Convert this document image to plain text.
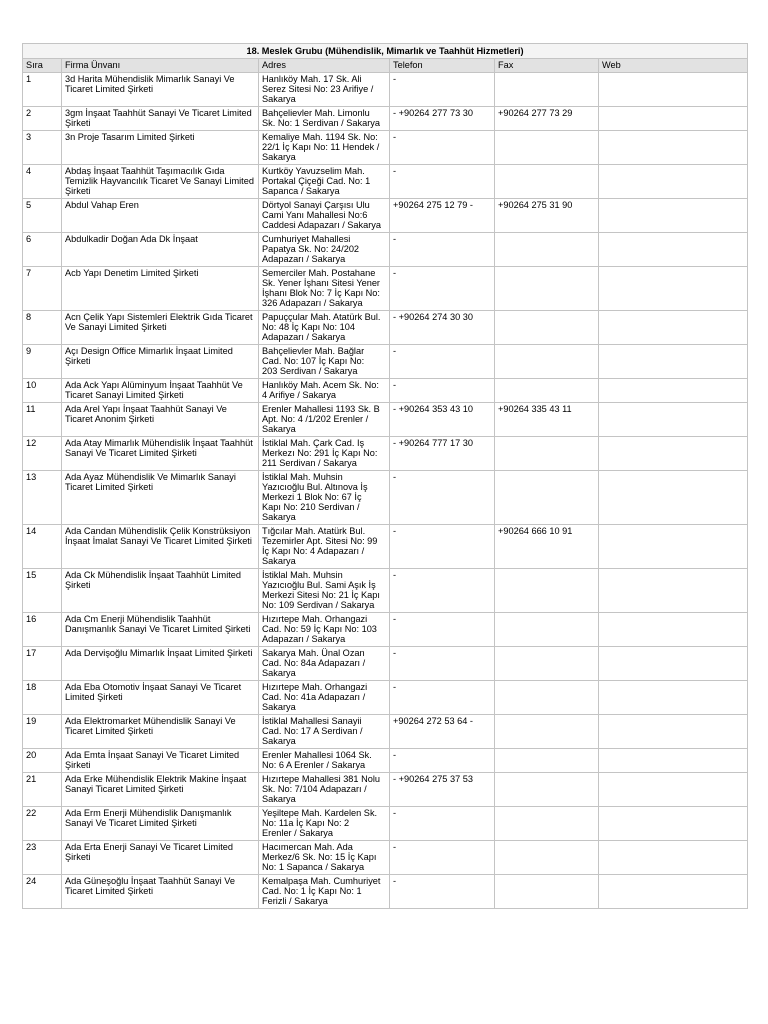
18. Meslek Grubu (Mühendislik, Mimarlık ve Taahhüt Hizmetleri)					
Sıra	Firma Ünvanı	Adres	Telefon	Fax	Web
1	3d Harita Mühendislik Mimarlık Sanayi Ve Ticaret Limited Şirketi	Hanlıköy Mah. 17 Sk. Ali Serez Sitesi No: 23 Arifiye / Sakarya	-		
2	3gm İnşaat Taahhüt Sanayi Ve Ticaret Limited Şirketi	Bahçelievler Mah. Limonlu Sk. No: 1 Serdivan / Sakarya	- +90264 277 73 30	+90264 277 73 29	
3	3n Proje Tasarım Limited Şirketi	Kemaliye Mah. 1194 Sk. No: 22/1 İç Kapı No: 11 Hendek / Sakarya	-		
4	Abdaş İnşaat Taahhüt Taşımacılık Gıda Temizlik Hayvancılık Ticaret Ve Sanayi Limited Şirketi	Kurtköy Yavuzselim Mah. Portakal Çiçeği Cad. No: 1 Sapanca / Sakarya	-		
5	Abdul Vahap Eren	Dörtyol Sanayi Çarşısı Ulu Cami Yanı Mahallesi No:6 Caddesi Adapazarı / Sakarya	+90264 275 12 79 -	+90264 275 31 90	
6	Abdulkadir Doğan Ada Dk İnşaat	Cumhuriyet Mahallesi Papatya Sk. No: 24/202 Adapazarı / Sakarya	-		
7	Acb Yapı Denetim Limited Şirketi	Semerciler Mah. Postahane Sk. Yener İşhanı Sitesi Yener İşhanı Blok No: 7 İç Kapı No: 326 Adapazarı / Sakarya	-		
8	Acn Çelik Yapı Sistemleri Elektrik Gıda Ticaret Ve Sanayi Limited Şirketi	Papuççular Mah. Atatürk Bul. No: 48 İç Kapı No: 104 Adapazarı / Sakarya	- +90264 274 30 30		
9	Açı Design Office Mimarlık İnşaat Limited Şirketi	Bahçelievler Mah. Bağlar Cad. No: 107 İç Kapı No: 203 Serdivan / Sakarya	-		
10	Ada Ack Yapı Alüminyum İnşaat Taahhüt Ve Ticaret Sanayi Limited Şirketi	Hanlıköy Mah. Acem Sk. No: 4 Arifiye / Sakarya	-		
11	Ada Arel Yapı İnşaat Taahhüt Sanayi Ve Ticaret Anonim Şirketi	Erenler Mahallesi 1193 Sk. B Apt. No: 4 /1/202 Erenler / Sakarya	- +90264 353 43 10	+90264 335 43 11	
12	Ada Atay Mimarlık Mühendislik İnşaat Taahhüt Sanayi Ve Ticaret Limited Şirketi	İstiklal Mah. Çark Cad. Iş Merkezı No: 291 İç Kapı No: 211 Serdivan / Sakarya	- +90264 777 17 30		
13	Ada Ayaz Mühendislik Ve Mimarlık Sanayi Ticaret Limited Şirketi	İstiklal Mah. Muhsin Yazıcıoğlu Bul. Altınova İş Merkezi 1 Blok No: 67 İç Kapı No: 210 Serdivan / Sakarya	-		
14	Ada Candan Mühendislik Çelik Konstrüksiyon İnşaat İmalat Sanayi Ve Ticaret Limited Şirketi	Tığcılar Mah. Atatürk Bul. Tezemirler Apt. Sitesi No: 99 İç Kapı No: 4 Adapazarı / Sakarya	-	+90264 666 10 91	
15	Ada Ck Mühendislik İnşaat Taahhüt Limited Şirketi	İstiklal Mah. Muhsin Yazıcıoğlu Bul. Sami Aşık İş Merkezi Sitesi No: 21 İç Kapı No: 109 Serdivan / Sakarya	-		
16	Ada Cm Enerji Mühendislik Taahhüt Danışmanlık Sanayi Ve Ticaret Limited Şirketi	Hızırtepe Mah. Orhangazi Cad. No: 59 İç Kapı No: 103 Adapazarı / Sakarya	-		
17	Ada Dervişoğlu Mimarlık İnşaat Limited Şirketi	Sakarya Mah. Ünal Ozan Cad. No: 84a Adapazarı / Sakarya	-		
18	Ada Eba Otomotiv İnşaat Sanayi Ve Ticaret Limited Şirketi	Hızırtepe Mah. Orhangazi Cad. No: 41a Adapazarı / Sakarya	-		
19	Ada Elektromarket Mühendislik Sanayi Ve Ticaret Limited Şirketi	İstiklal Mahallesi Sanayii Cad. No: 17 A Serdivan / Sakarya	+90264 272 53 64 -		
20	Ada Emta İnşaat Sanayi Ve Ticaret Limited Şirketi	Erenler Mahallesi 1064 Sk. No: 6 A Erenler / Sakarya	-		
21	Ada Erke Mühendislik Elektrik Makine İnşaat Sanayi Ticaret Limited Şirketi	Hızırtepe Mahallesi 381 Nolu Sk. No: 7/104 Adapazarı / Sakarya	- +90264 275 37 53		
22	Ada Erm Enerji Mühendislik Danışmanlık Sanayi Ve Ticaret Limited Şirketi	Yeşiltepe Mah. Kardelen Sk. No: 11a İç Kapı No: 2 Erenler / Sakarya	-		
23	Ada Erta Enerji Sanayi Ve Ticaret Limited Şirketi	Hacımercan Mah. Ada Merkez/6 Sk. No: 15 İç Kapı No: 1 Sapanca / Sakarya	-		
24	Ada Güneşoğlu İnşaat Taahhüt Sanayi Ve Ticaret Limited Şirketi	Kemalpaşa Mah. Cumhuriyet Cad. No: 1 İç Kapı No: 1 Ferizli / Sakarya	-		
